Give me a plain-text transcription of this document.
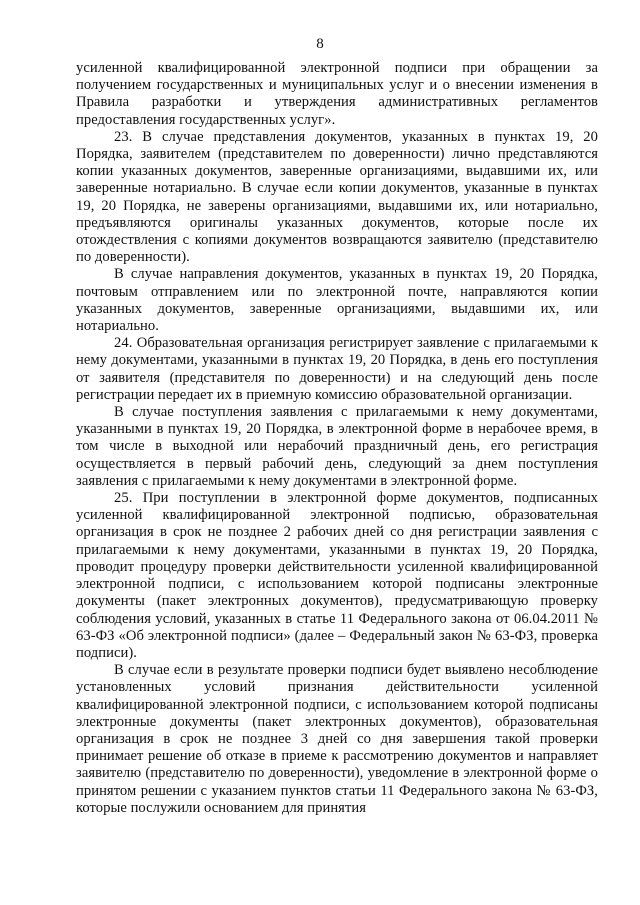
8

усиленной квалифицированной электронной подписи при обращении за получением государственных и муниципальных услуг и о внесении изменения в Правила разработки и утверждения административных регламентов предоставления государственных услуг».

23. В случае представления документов, указанных в пунктах 19, 20 Порядка, заявителем (представителем по доверенности) лично представляются копии указанных документов, заверенные организациями, выдавшими их, или заверенные нотариально. В случае если копии документов, указанные в пунктах 19, 20 Порядка, не заверены организациями, выдавшими их, или нотариально, предъявляются оригиналы указанных документов, которые после их отождествления с копиями документов возвращаются заявителю (представителю по доверенности).

В случае направления документов, указанных в пунктах 19, 20 Порядка, почтовым отправлением или по электронной почте, направляются копии указанных документов, заверенные организациями, выдавшими их, или нотариально.

24. Образовательная организация регистрирует заявление с прилагаемыми к нему документами, указанными в пунктах 19, 20 Порядка, в день его поступления от заявителя (представителя по доверенности) и на следующий день после регистрации передает их в приемную комиссию образовательной организации.

В случае поступления заявления с прилагаемыми к нему документами, указанными в пунктах 19, 20 Порядка, в электронной форме в нерабочее время, в том числе в выходной или нерабочий праздничный день, его регистрация осуществляется в первый рабочий день, следующий за днем поступления заявления с прилагаемыми к нему документами в электронной форме.

25. При поступлении в электронной форме документов, подписанных усиленной квалифицированной электронной подписью, образовательная организация в срок не позднее 2 рабочих дней со дня регистрации заявления с прилагаемыми к нему документами, указанными в пунктах 19, 20 Порядка, проводит процедуру проверки действительности усиленной квалифицированной электронной подписи, с использованием которой подписаны электронные документы (пакет электронных документов), предусматривающую проверку соблюдения условий, указанных в статье 11 Федерального закона от 06.04.2011 № 63-ФЗ «Об электронной подписи» (далее – Федеральный закон № 63-ФЗ, проверка подписи).

В случае если в результате проверки подписи будет выявлено несоблюдение установленных условий признания действительности усиленной квалифицированной электронной подписи, с использованием которой подписаны электронные документы (пакет электронных документов), образовательная организация в срок не позднее 3 дней со дня завершения такой проверки принимает решение об отказе в приеме к рассмотрению документов и направляет заявителю (представителю по доверенности), уведомление в электронной форме о принятом решении с указанием пунктов статьи 11 Федерального закона № 63-ФЗ, которые послужили основанием для принятия
